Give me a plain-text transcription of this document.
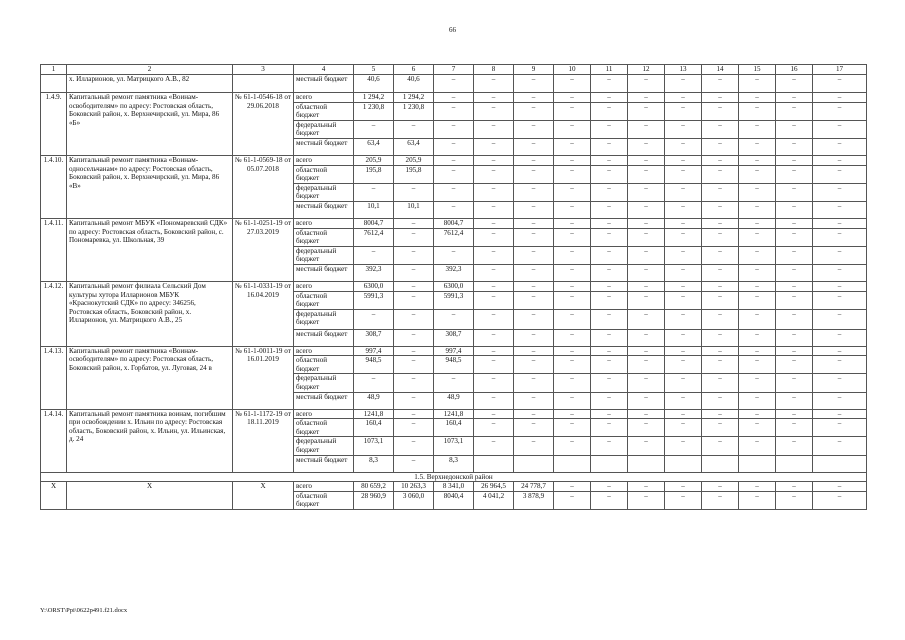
66
1	2	3	4	5	6	7	8	9	10	11	12	13	14	15	16	17
	х. Илларионов, ул. Матрицкого А.В., 82		местный бюджет	40,6	40,6	–	–	–	–	–	–	–	–	–	–	–
1.4.9.	Капитальный ремонт памятника «Воинам-освободителям» по адресу: Ростовская область, Боковский район, х. Верхнечирский, ул. Мира, 86 «Б»	№ 61-1-0546-18 от 29.06.2018	всего	1 294,2	1 294,2	–	–	–	–	–	–	–	–	–	–	–
			областной бюджет	1 230,8	1 230,8	–	–	–	–	–	–	–	–	–	–	–
			федеральный бюджет	–	–	–	–	–	–	–	–	–	–	–	–	–
			местный бюджет	63,4	63,4	–	–	–	–	–	–	–	–	–	–	–
1.4.10.	Капитальный ремонт памятника «Воинам-односельчанам» по адресу: Ростовская область, Боковский район, х. Верхнечирский, ул. Мира, 86 «В»	№ 61-1-0569-18 от 05.07.2018	всего	205,9	205,9	–	–	–	–	–	–	–	–	–	–	–
			областной бюджет	195,8	195,8	–	–	–	–	–	–	–	–	–	–	–
			федеральный бюджет	–	–	–	–	–	–	–	–	–	–	–	–	–
			местный бюджет	10,1	10,1	–	–	–	–	–	–	–	–	–	–	–
1.4.11.	Капитальный ремонт МБУК «Пономаревский СДК» по адресу: Ростовская область, Боковский район, с. Пономаревка, ул. Школьная, 39	№ 61-1-0251-19 от 27.03.2019	всего	8004,7	–	8004,7	–	–	–	–	–	–	–	–	–	–
			областной бюджет	7612,4	–	7612,4	–	–	–	–	–	–	–	–	–	–
			федеральный бюджет	–	–	–	–	–	–	–	–	–	–	–	–	–
			местный бюджет	392,3	–	392,3	–	–	–	–	–	–	–	–	–	–
1.4.12.	Капитальный ремонт филиала Сельский Дом культуры хутора Илларионов МБУК «Краснокутский СДК» по адресу: 346256, Ростовская область, Боковский район, х. Илларионов, ул. Матрицкого А.В., 25	№ 61-1-0331-19 от 16.04.2019	всего	6300,0	–	6300,0	–	–	–	–	–	–	–	–	–	–
			областной бюджет	5991,3	–	5991,3	–	–	–	–	–	–	–	–	–	–
			федеральный бюджет	–	–	–	–	–	–	–	–	–	–	–	–	–
			местный бюджет	308,7	–	308,7	–	–	–	–	–	–	–	–	–	–
1.4.13.	Капитальный ремонт памятника «Воинам-освободителям» по адресу: Ростовская область, Боковский район, х. Горбатов, ул. Луговая, 24 в	№ 61-1-0011-19 от 16.01.2019	всего	997,4	–	997,4	–	–	–	–	–	–	–	–	–	–
			областной бюджет	948,5	–	948,5	–	–	–	–	–	–	–	–	–	–
			федеральный бюджет	–	–	–	–	–	–	–	–	–	–	–	–	–
			местный бюджет	48,9	–	48,9	–	–	–	–	–	–	–	–	–	–
1.4.14.	Капитальный ремонт памятника воинам, погибшим при освобождении х. Ильин по адресу: Ростовская область, Боковский район, х. Ильин, ул. Ильинская, д. 24	№ 61-1-1172-19 от 18.11.2019	всего	1241,8	–	1241,8	–	–	–	–	–	–	–	–	–	–
			областной бюджет	160,4	–	160,4	–	–	–	–	–	–	–	–	–	–
			федеральный бюджет	1073,1	–	1073,1	–	–	–	–	–	–	–	–	–	–
			местный бюджет	8,3	–	8,3										
1.5. Верхнедонской район																
Х	Х	Х	всего	80 659,2	10 263,3	8 341,0	26 964,5	24 778,7	–	–	–	–	–	–	–	–
			областной бюджет	28 960,9	3 060,0	8040,4	4 041,2	3 878,9	–	–	–	–	–	–	–	–
Y:\ORST\Ppi\0622p491.f21.docx
